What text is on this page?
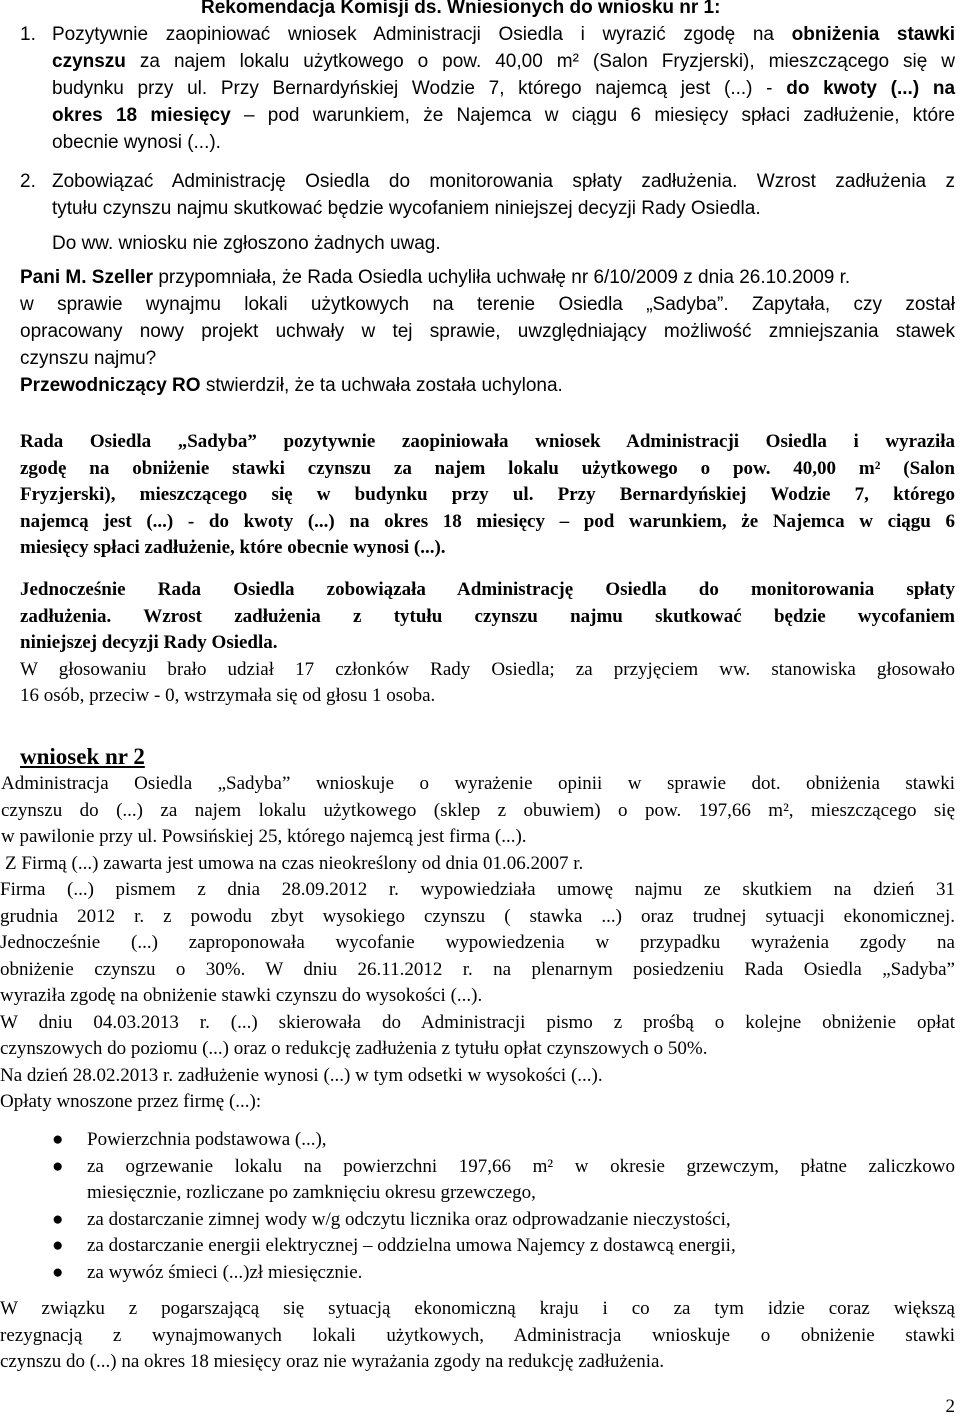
Rekomendacja Komisji ds. Wniesionych do wniosku nr 1:
1. Pozytywnie zaopiniować wniosek Administracji Osiedla i wyrazić zgodę na obniżenia stawki
czynszu za najem lokalu użytkowego o pow. 40,00 m² (Salon Fryzjerski), mieszczącego się w
budynku przy ul. Przy Bernardyńskiej Wodzie 7, którego najemcą jest (...) - do kwoty (...) na
okres 18 miesięcy – pod warunkiem, że Najemca w ciągu 6 miesięcy spłaci zadłużenie, które
obecnie wynosi (...).
2. Zobowiązać Administrację Osiedla do monitorowania spłaty zadłużenia. Wzrost zadłużenia z
tytułu czynszu najmu skutkować będzie wycofaniem niniejszej decyzji Rady Osiedla.
Do ww. wniosku nie zgłoszono żadnych uwag.
Pani M. Szeller przypomniała, że Rada Osiedla uchyliła uchwałę nr 6/10/2009 z dnia 26.10.2009 r.
w sprawie wynajmu lokali użytkowych na terenie Osiedla „Sadyba”. Zapytała, czy został
opracowany nowy projekt uchwały w tej sprawie, uwzględniający możliwość zmniejszania stawek
czynszu najmu?
Przewodniczący RO stwierdził, że ta uchwała została uchylona.
Rada Osiedla „Sadyba” pozytywnie zaopiniowała wniosek Administracji Osiedla i wyraziła
zgodę na obniżenie stawki czynszu za najem lokalu użytkowego o pow. 40,00 m² (Salon
Fryzjerski), mieszczącego się w budynku przy ul. Przy Bernardyńskiej Wodzie 7, którego
najemcą jest (...) - do kwoty (...) na okres 18 miesięcy – pod warunkiem, że Najemca w ciągu 6
miesięcy spłaci zadłużenie, które obecnie wynosi (...).
Jednocześnie Rada Osiedla zobowiązała Administrację Osiedla do monitorowania spłaty
zadłużenia. Wzrost zadłużenia z tytułu czynszu najmu skutkować będzie wycofaniem
niniejszej decyzji Rady Osiedla.
W głosowaniu brało udział 17 członków Rady Osiedla; za przyjęciem ww. stanowiska głosowało
16 osób, przeciw - 0, wstrzymała się od głosu 1 osoba.
wniosek nr 2
Administracja Osiedla „Sadyba” wnioskuje o wyrażenie opinii w sprawie dot. obniżenia stawki
czynszu do (...) za najem lokalu użytkowego (sklep z obuwiem) o pow. 197,66 m², mieszczącego się
w pawilonie przy ul. Powsińskiej 25, którego najemcą jest firma (...).
Z Firmą (...) zawarta jest umowa na czas nieokreślony od dnia 01.06.2007 r.
Firma (...) pismem z dnia 28.09.2012 r. wypowiedziała umowę najmu ze skutkiem na dzień 31
grudnia 2012 r. z powodu zbyt wysokiego czynszu ( stawka ...) oraz trudnej sytuacji ekonomicznej.
Jednocześnie (...) zaproponowała wycofanie wypowiedzenia w przypadku wyrażenia zgody na
obniżenie czynszu o 30%. W dniu 26.11.2012 r. na plenarnym posiedzeniu Rada Osiedla „Sadyba”
wyraziła zgodę na obniżenie stawki czynszu do wysokości (...).
W dniu 04.03.2013 r. (...) skierowała do Administracji pismo z prośbą o kolejne obniżenie opłat
czynszowych do poziomu (...) oraz o redukcję zadłużenia z tytułu opłat czynszowych o 50%.
Na dzień 28.02.2013 r. zadłużenie wynosi (...) w tym odsetki w wysokości (...).
Opłaty wnoszone przez firmę (...):
● Powierzchnia podstawowa (...),
● za ogrzewanie lokalu na powierzchni 197,66 m² w okresie grzewczym, płatne zaliczkowo
miesięcznie, rozliczane po zamknięciu okresu grzewczego,
● za dostarczanie zimnej wody w/g odczytu licznika oraz odprowadzanie nieczystości,
● za dostarczanie energii elektrycznej – oddzielna umowa Najemcy z dostawcą energii,
● za wywóz śmieci (...)zł miesięcznie.
W związku z pogarszającą się sytuacją ekonomiczną kraju i co za tym idzie coraz większą
rezygnacją z wynajmowanych lokali użytkowych, Administracja wnioskuje o obniżenie stawki
czynszu do (...) na okres 18 miesięcy oraz nie wyrażania zgody na redukcję zadłużenia.
2
